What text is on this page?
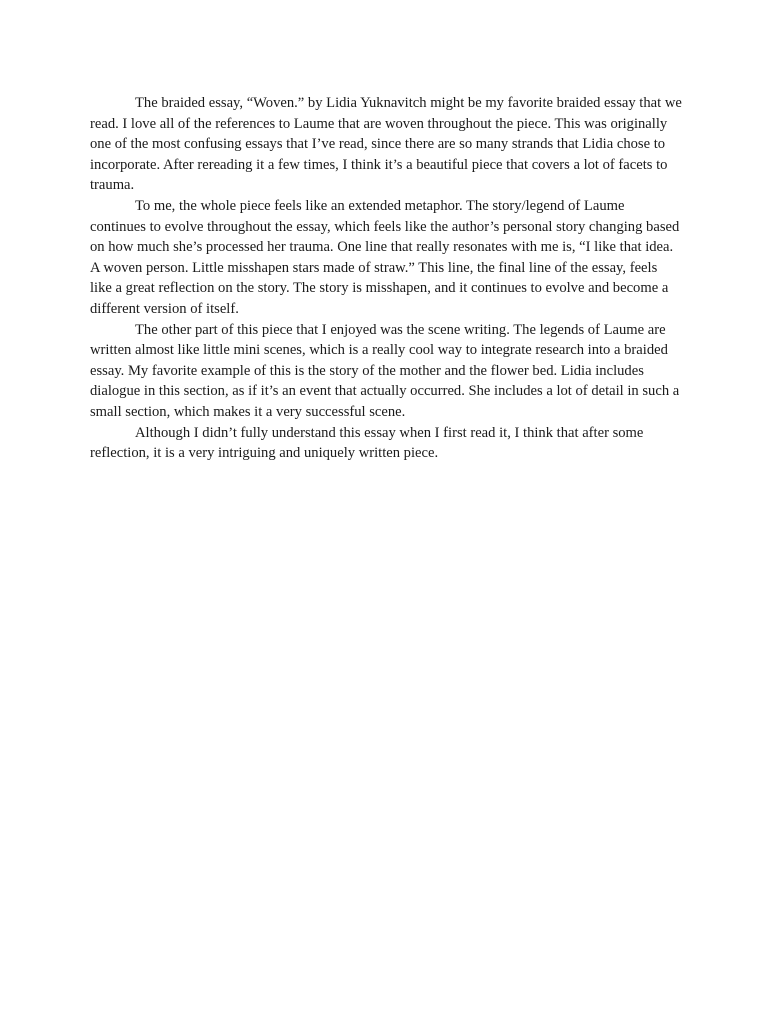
The braided essay, “Woven.” by Lidia Yuknavitch might be my favorite braided essay that we read. I love all of the references to Laume that are woven throughout the piece. This was originally one of the most confusing essays that I’ve read, since there are so many strands that Lidia chose to incorporate. After rereading it a few times, I think it’s a beautiful piece that covers a lot of facets to trauma.

To me, the whole piece feels like an extended metaphor. The story/legend of Laume continues to evolve throughout the essay, which feels like the author’s personal story changing based on how much she’s processed her trauma. One line that really resonates with me is, “I like that idea. A woven person. Little misshapen stars made of straw.” This line, the final line of the essay, feels like a great reflection on the story. The story is misshapen, and it continues to evolve and become a different version of itself.

The other part of this piece that I enjoyed was the scene writing. The legends of Laume are written almost like little mini scenes, which is a really cool way to integrate research into a braided essay. My favorite example of this is the story of the mother and the flower bed. Lidia includes dialogue in this section, as if it’s an event that actually occurred. She includes a lot of detail in such a small section, which makes it a very successful scene.

Although I didn’t fully understand this essay when I first read it, I think that after some reflection, it is a very intriguing and uniquely written piece.
